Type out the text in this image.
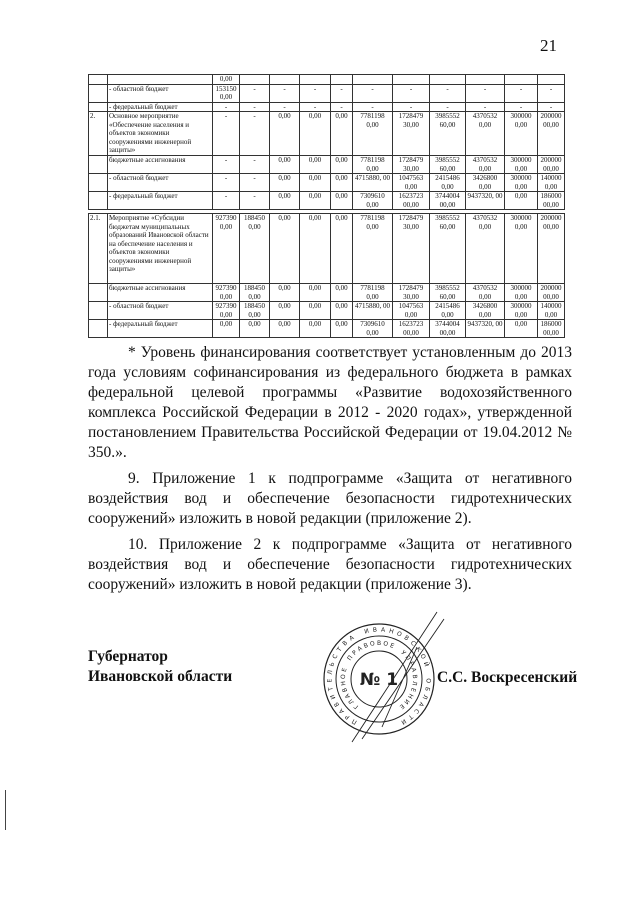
21
		0,00										
	- областной бюджет	153150 0,00	-	-	-	-	-	-	-	-	-	-
	- федеральный бюджет	-	-	-	-	-	-	-	-	-	-	-
2.	Основное мероприятие «Обеспечение населения и объектов экономики сооружениями инженерной защиты»	-	-	0,00	0,00	0,00	7781198 0,00	1728479 30,00	3985552 60,00	4370532 0,00	300000 0,00	200000 00,00
	бюджетные ассигнования	-	-	0,00	0,00	0,00	7781198 0,00	1728479 30,00	3985552 60,00	4370532 0,00	300000 0,00	200000 00,00
	- областной бюджет	-	-	0,00	0,00	0,00	4715880, 00	1047563 0,00	2415486 0,00	3426800 0,00	300000 0,00	140000 0,00
	- федеральный бюджет	-	-	0,00	0,00	0,00	7309610 0,00	1623723 00,00	3744004 00,00	9437320, 00	0,00	186000 00,00

2.1.	Мероприятие «Субсидии бюджетам муниципальных образований Ивановской области на обеспечение населения и объектов экономики сооружениями инженерной защиты»	927390 0,00	188450 0,00	0,00	0,00	0,00	7781198 0,00	1728479 30,00	3985552 60,00	4370532 0,00	300000 0,00	200000 00,00
	бюджетные ассигнования	927390 0,00	188450 0,00	0,00	0,00	0,00	7781198 0,00	1728479 30,00	3985552 60,00	4370532 0,00	300000 0,00	200000 00,00
	- областной бюджет	927390 0,00	188450 0,00	0,00	0,00	0,00	4715880, 00	1047563 0,00	2415486 0,00	3426800 0,00	300000 0,00	140000 0,00
	- федеральный бюджет	0,00	0,00	0,00	0,00	0,00	7309610 0,00	1623723 00,00	3744004 00,00	9437320, 00	0,00	186000 00,00

* Уровень финансирования соответствует установленным до 2013 года условиям софинансирования из федерального бюджета в рамках федеральной целевой программы «Развитие водохозяйственного комплекса Российской Федерации в 2012 - 2020 годах», утвержденной постановлением Правительства Российской Федерации от 19.04.2012 № 350.».

9. Приложение 1 к подпрограмме «Защита от негативного воздействия вод и обеспечение безопасности гидротехнических сооружений» изложить в новой редакции (приложение 2).

10. Приложение 2 к подпрограмме «Защита от негативного воздействия вод и обеспечение безопасности гидротехнических сооружений» изложить в новой редакции (приложение 3).

Губернатор
Ивановской области
П
Р
А
В
И
Т
Е
Л
Ь
С
Т
В
А
И В А Н О В
С
К
О
Й
О
Б
Л
А
С
Т
И
Г
Л
А
В
Н
О
Е
П
Р
А В О В О Е
У
П
Р
А
В
Л
Е
Н
И
Е
№ 1	С.С. Воскресенский
